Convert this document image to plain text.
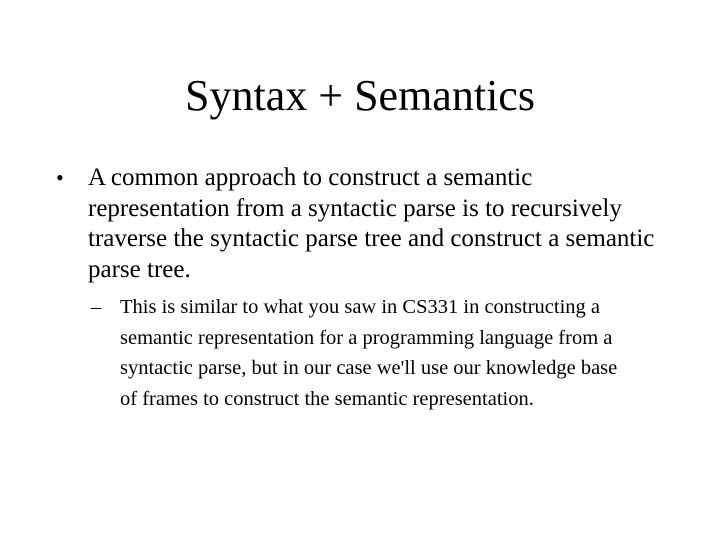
Syntax + Semantics
• A common approach to construct a semantic representation from a syntactic parse is to recursively traverse the syntactic parse tree and construct a semantic parse tree.
– This is similar to what you saw in CS331 in constructing a semantic representation for a programming language from a syntactic parse, but in our case we'll use our knowledge base of frames to construct the semantic representation.
